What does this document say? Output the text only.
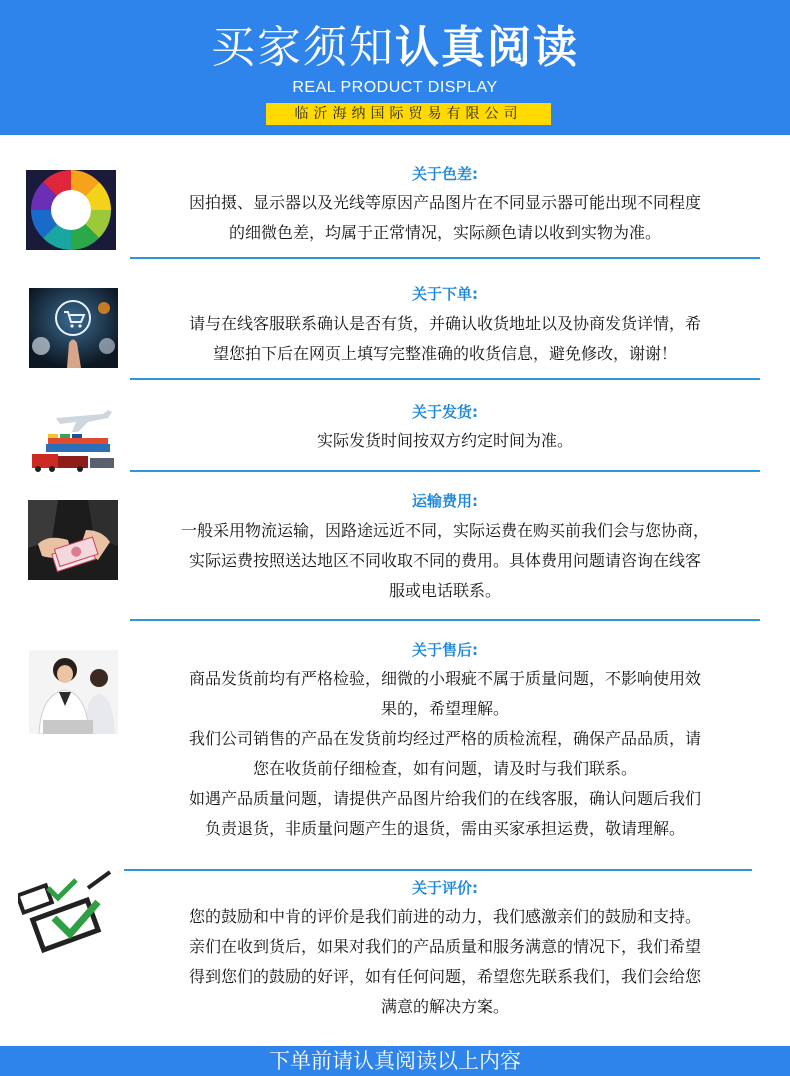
买家须知认真阅读
REAL PRODUCT DISPLAY
临沂海纳国际贸易有限公司
关于色差:
因拍摄、显示器以及光线等原因产品图片在不同显示器可能出现不同程度
的细微色差，均属于正常情况，实际颜色请以收到实物为准。
关于下单:
请与在线客服联系确认是否有货，并确认收货地址以及协商发货详情，希
望您拍下后在网页上填写完整准确的收货信息，避免修改，谢谢！
关于发货:
实际发货时间按双方约定时间为准。
运输费用:
一般采用物流运输，因路途远近不同，实际运费在购买前我们会与您协商，
实际运费按照送达地区不同收取不同的费用。具体费用问题请咨询在线客
服或电话联系。
关于售后:
商品发货前均有严格检验，细微的小瑕疵不属于质量问题，不影响使用效
果的，希望理解。
我们公司销售的产品在发货前均经过严格的质检流程，确保产品品质，请
您在收货前仔细检查，如有问题，请及时与我们联系。
如遇产品质量问题，请提供产品图片给我们的在线客服，确认问题后我们
负责退货，非质量问题产生的退货，需由买家承担运费，敬请理解。
关于评价:
您的鼓励和中肯的评价是我们前进的动力，我们感激亲们的鼓励和支持。
亲们在收到货后，如果对我们的产品质量和服务满意的情况下，我们希望
得到您们的鼓励的好评，如有任何问题，希望您先联系我们，我们会给您
满意的解决方案。
下单前请认真阅读以上内容
